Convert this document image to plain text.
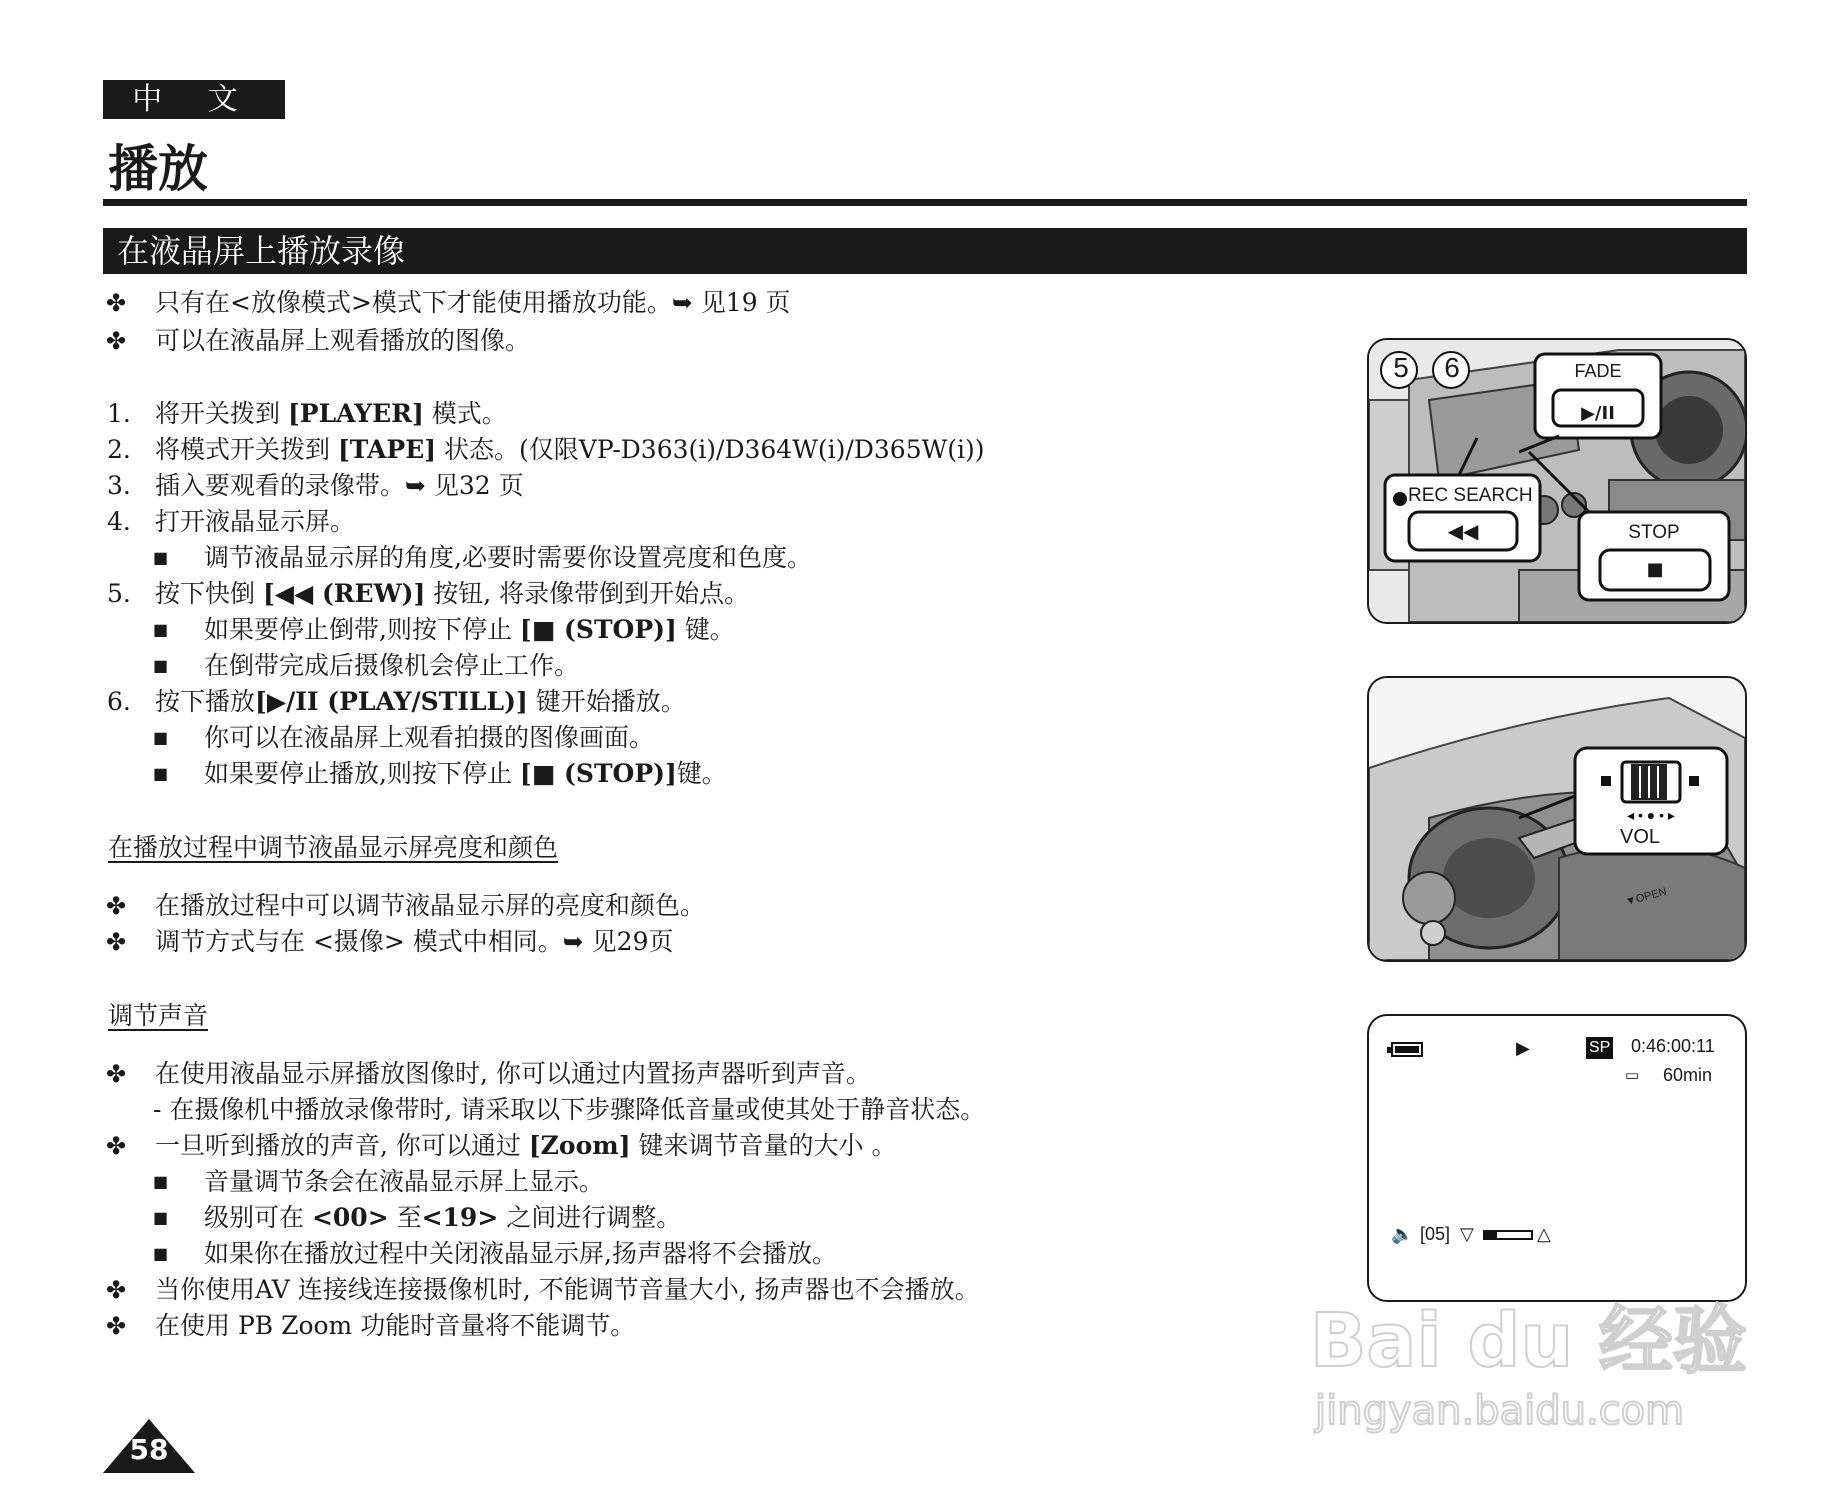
中 文
播放
在液晶屏上播放录像
✤ 只有在<放像模式>模式下才能使用播放功能。➥ 见19 页
✤ 可以在液晶屏上观看播放的图像。
1. 将开关拨到 [PLAYER] 模式。
2. 将模式开关拨到 [TAPE] 状态。(仅限VP-D363(i)/D364W(i)/D365W(i))
3. 插入要观看的录像带。➥ 见32 页
4. 打开液晶显示屏。
■ 调节液晶显示屏的角度,必要时需要你设置亮度和色度。
5. 按下快倒 [◀◀ (REW)] 按钮, 将录像带倒到开始点。
■ 如果要停止倒带,则按下停止 [■ (STOP)] 键。
■ 在倒带完成后摄像机会停止工作。
6. 按下播放[▶/II (PLAY/STILL)] 键开始播放。
■ 你可以在液晶屏上观看拍摄的图像画面。
■ 如果要停止播放,则按下停止 [■ (STOP)]键。
在播放过程中调节液晶显示屏亮度和颜色
✤ 在播放过程中可以调节液晶显示屏的亮度和颜色。
✤ 调节方式与在 <摄像> 模式中相同。➥ 见29页
调节声音
✤ 在使用液晶显示屏播放图像时, 你可以通过内置扬声器听到声音。
- 在摄像机中播放录像带时, 请采取以下步骤降低音量或使其处于静音状态。
✤ 一旦听到播放的声音, 你可以通过 [Zoom] 键来调节音量的大小 。
■ 音量调节条会在液晶显示屏上显示。
■ 级别可在 <00> 至<19> 之间进行调整。
■ 如果你在播放过程中关闭液晶显示屏,扬声器将不会播放。
✤ 当你使用AV 连接线连接摄像机时, 不能调节音量大小, 扬声器也不会播放。
✤ 在使用 PB Zoom 功能时音量将不能调节。
5 6	FADE
▶/II
REC SEARCH
◀◀	STOP
■
◂ • ● • ▸
VOL
▼OPEN
▶	SP 0:46:00:11
▭ 60min
🔈 [05] ▽	△
58
Bai du 经验
jingyan.baidu.com
